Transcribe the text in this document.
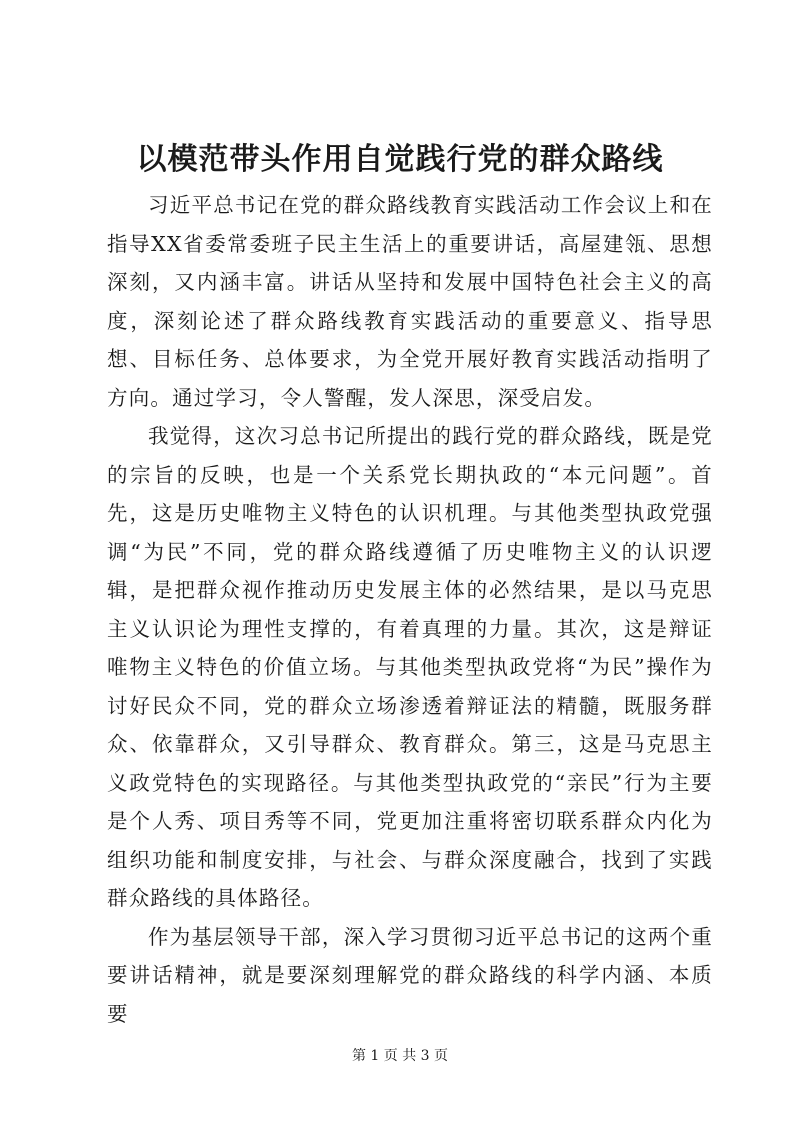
以模范带头作用自觉践行党的群众路线

习近平总书记在党的群众路线教育实践活动工作会议上和在指导XX省委常委班子民主生活上的重要讲话，高屋建瓴、思想深刻，又内涵丰富。讲话从坚持和发展中国特色社会主义的高度，深刻论述了群众路线教育实践活动的重要意义、指导思想、目标任务、总体要求，为全党开展好教育实践活动指明了方向。通过学习，令人警醒，发人深思，深受启发。

我觉得，这次习总书记所提出的践行党的群众路线，既是党的宗旨的反映，也是一个关系党长期执政的“本元问题”。首先，这是历史唯物主义特色的认识机理。与其他类型执政党强调“为民”不同，党的群众路线遵循了历史唯物主义的认识逻辑，是把群众视作推动历史发展主体的必然结果，是以马克思主义认识论为理性支撑的，有着真理的力量。其次，这是辩证唯物主义特色的价值立场。与其他类型执政党将“为民”操作为讨好民众不同，党的群众立场渗透着辩证法的精髓，既服务群众、依靠群众，又引导群众、教育群众。第三，这是马克思主义政党特色的实现路径。与其他类型执政党的“亲民”行为主要是个人秀、项目秀等不同，党更加注重将密切联系群众内化为组织功能和制度安排，与社会、与群众深度融合，找到了实践群众路线的具体路径。

作为基层领导干部，深入学习贯彻习近平总书记的这两个重要讲话精神，就是要深刻理解党的群众路线的科学内涵、本质要

第 1 页 共 3 页
